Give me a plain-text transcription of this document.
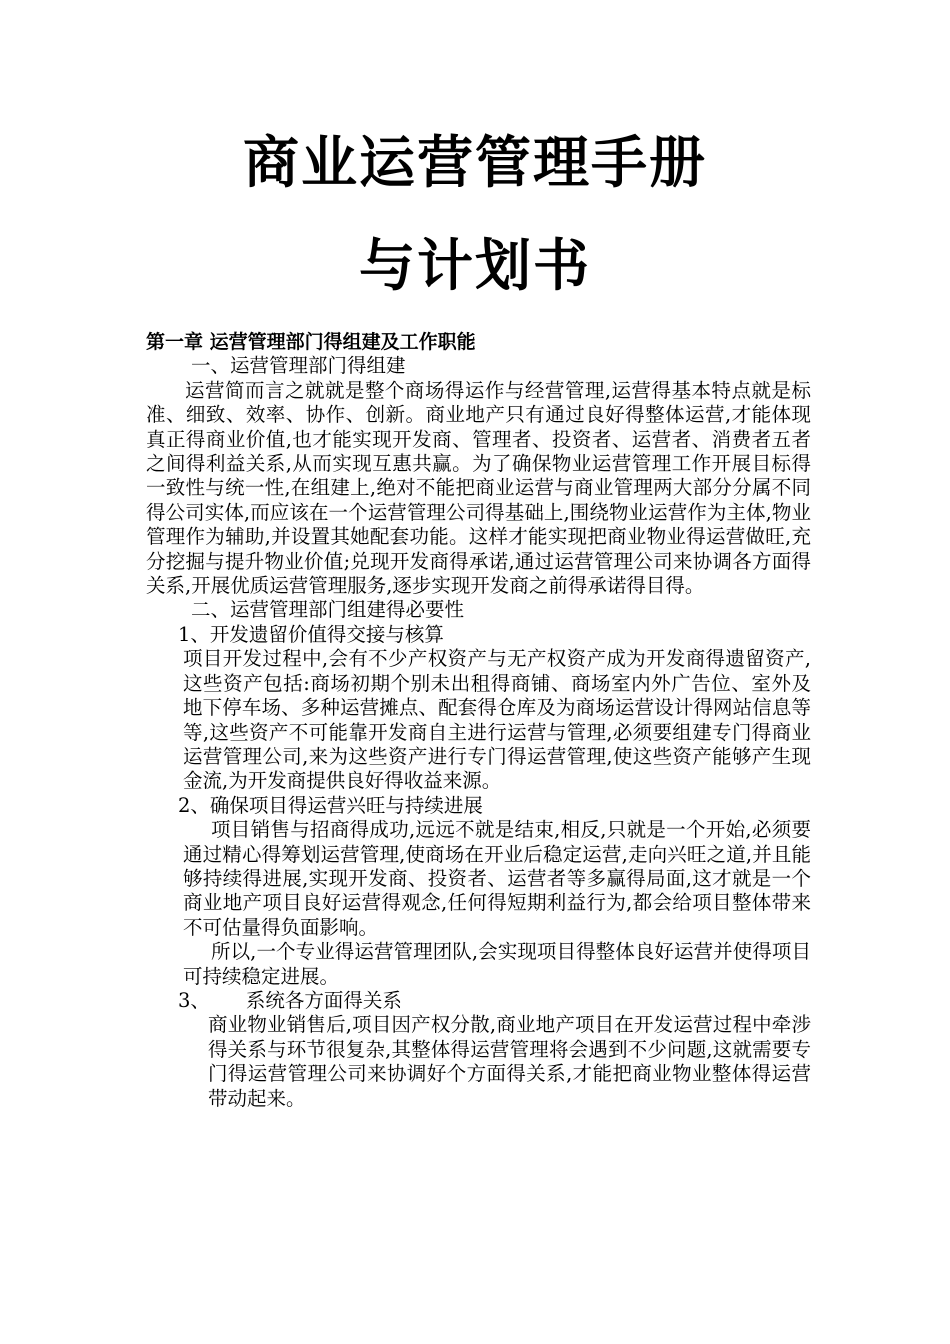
商业运营管理手册
与计划书

第一章 运营管理部门得组建及工作职能

一、运营管理部门得组建

运营简而言之就就是整个商场得运作与经营管理,运营得基本特点就是标准、细致、效率、协作、创新。商业地产只有通过良好得整体运营,才能体现真正得商业价值,也才能实现开发商、管理者、投资者、运营者、消费者五者之间得利益关系,从而实现互惠共赢。为了确保物业运营管理工作开展目标得一致性与统一性,在组建上,绝对不能把商业运营与商业管理两大部分分属不同得公司实体,而应该在一个运营管理公司得基础上,围绕物业运营作为主体,物业管理作为辅助,并设置其她配套功能。这样才能实现把商业物业得运营做旺,充分挖掘与提升物业价值;兑现开发商得承诺,通过运营管理公司来协调各方面得关系,开展优质运营管理服务,逐步实现开发商之前得承诺得目得。

二、运营管理部门组建得必要性

1、开发遗留价值得交接与核算

项目开发过程中,会有不少产权资产与无产权资产成为开发商得遗留资产,这些资产包括:商场初期个别未出租得商铺、商场室内外广告位、室外及地下停车场、多种运营摊点、配套得仓库及为商场运营设计得网站信息等等,这些资产不可能靠开发商自主进行运营与管理,必须要组建专门得商业运营管理公司,来为这些资产进行专门得运营管理,使这些资产能够产生现金流,为开发商提供良好得收益来源。

2、确保项目得运营兴旺与持续进展

项目销售与招商得成功,远远不就是结束,相反,只就是一个开始,必须要通过精心得筹划运营管理,使商场在开业后稳定运营,走向兴旺之道,并且能够持续得进展,实现开发商、投资者、运营者等多赢得局面,这才就是一个商业地产项目良好运营得观念,任何得短期利益行为,都会给项目整体带来不可估量得负面影响。

所以,一个专业得运营管理团队,会实现项目得整体良好运营并使得项目可持续稳定进展。

3、 系统各方面得关系

商业物业销售后,项目因产权分散,商业地产项目在开发运营过程中牵涉得关系与环节很复杂,其整体得运营管理将会遇到不少问题,这就需要专门得运营管理公司来协调好个方面得关系,才能把商业物业整体得运营带动起来。
